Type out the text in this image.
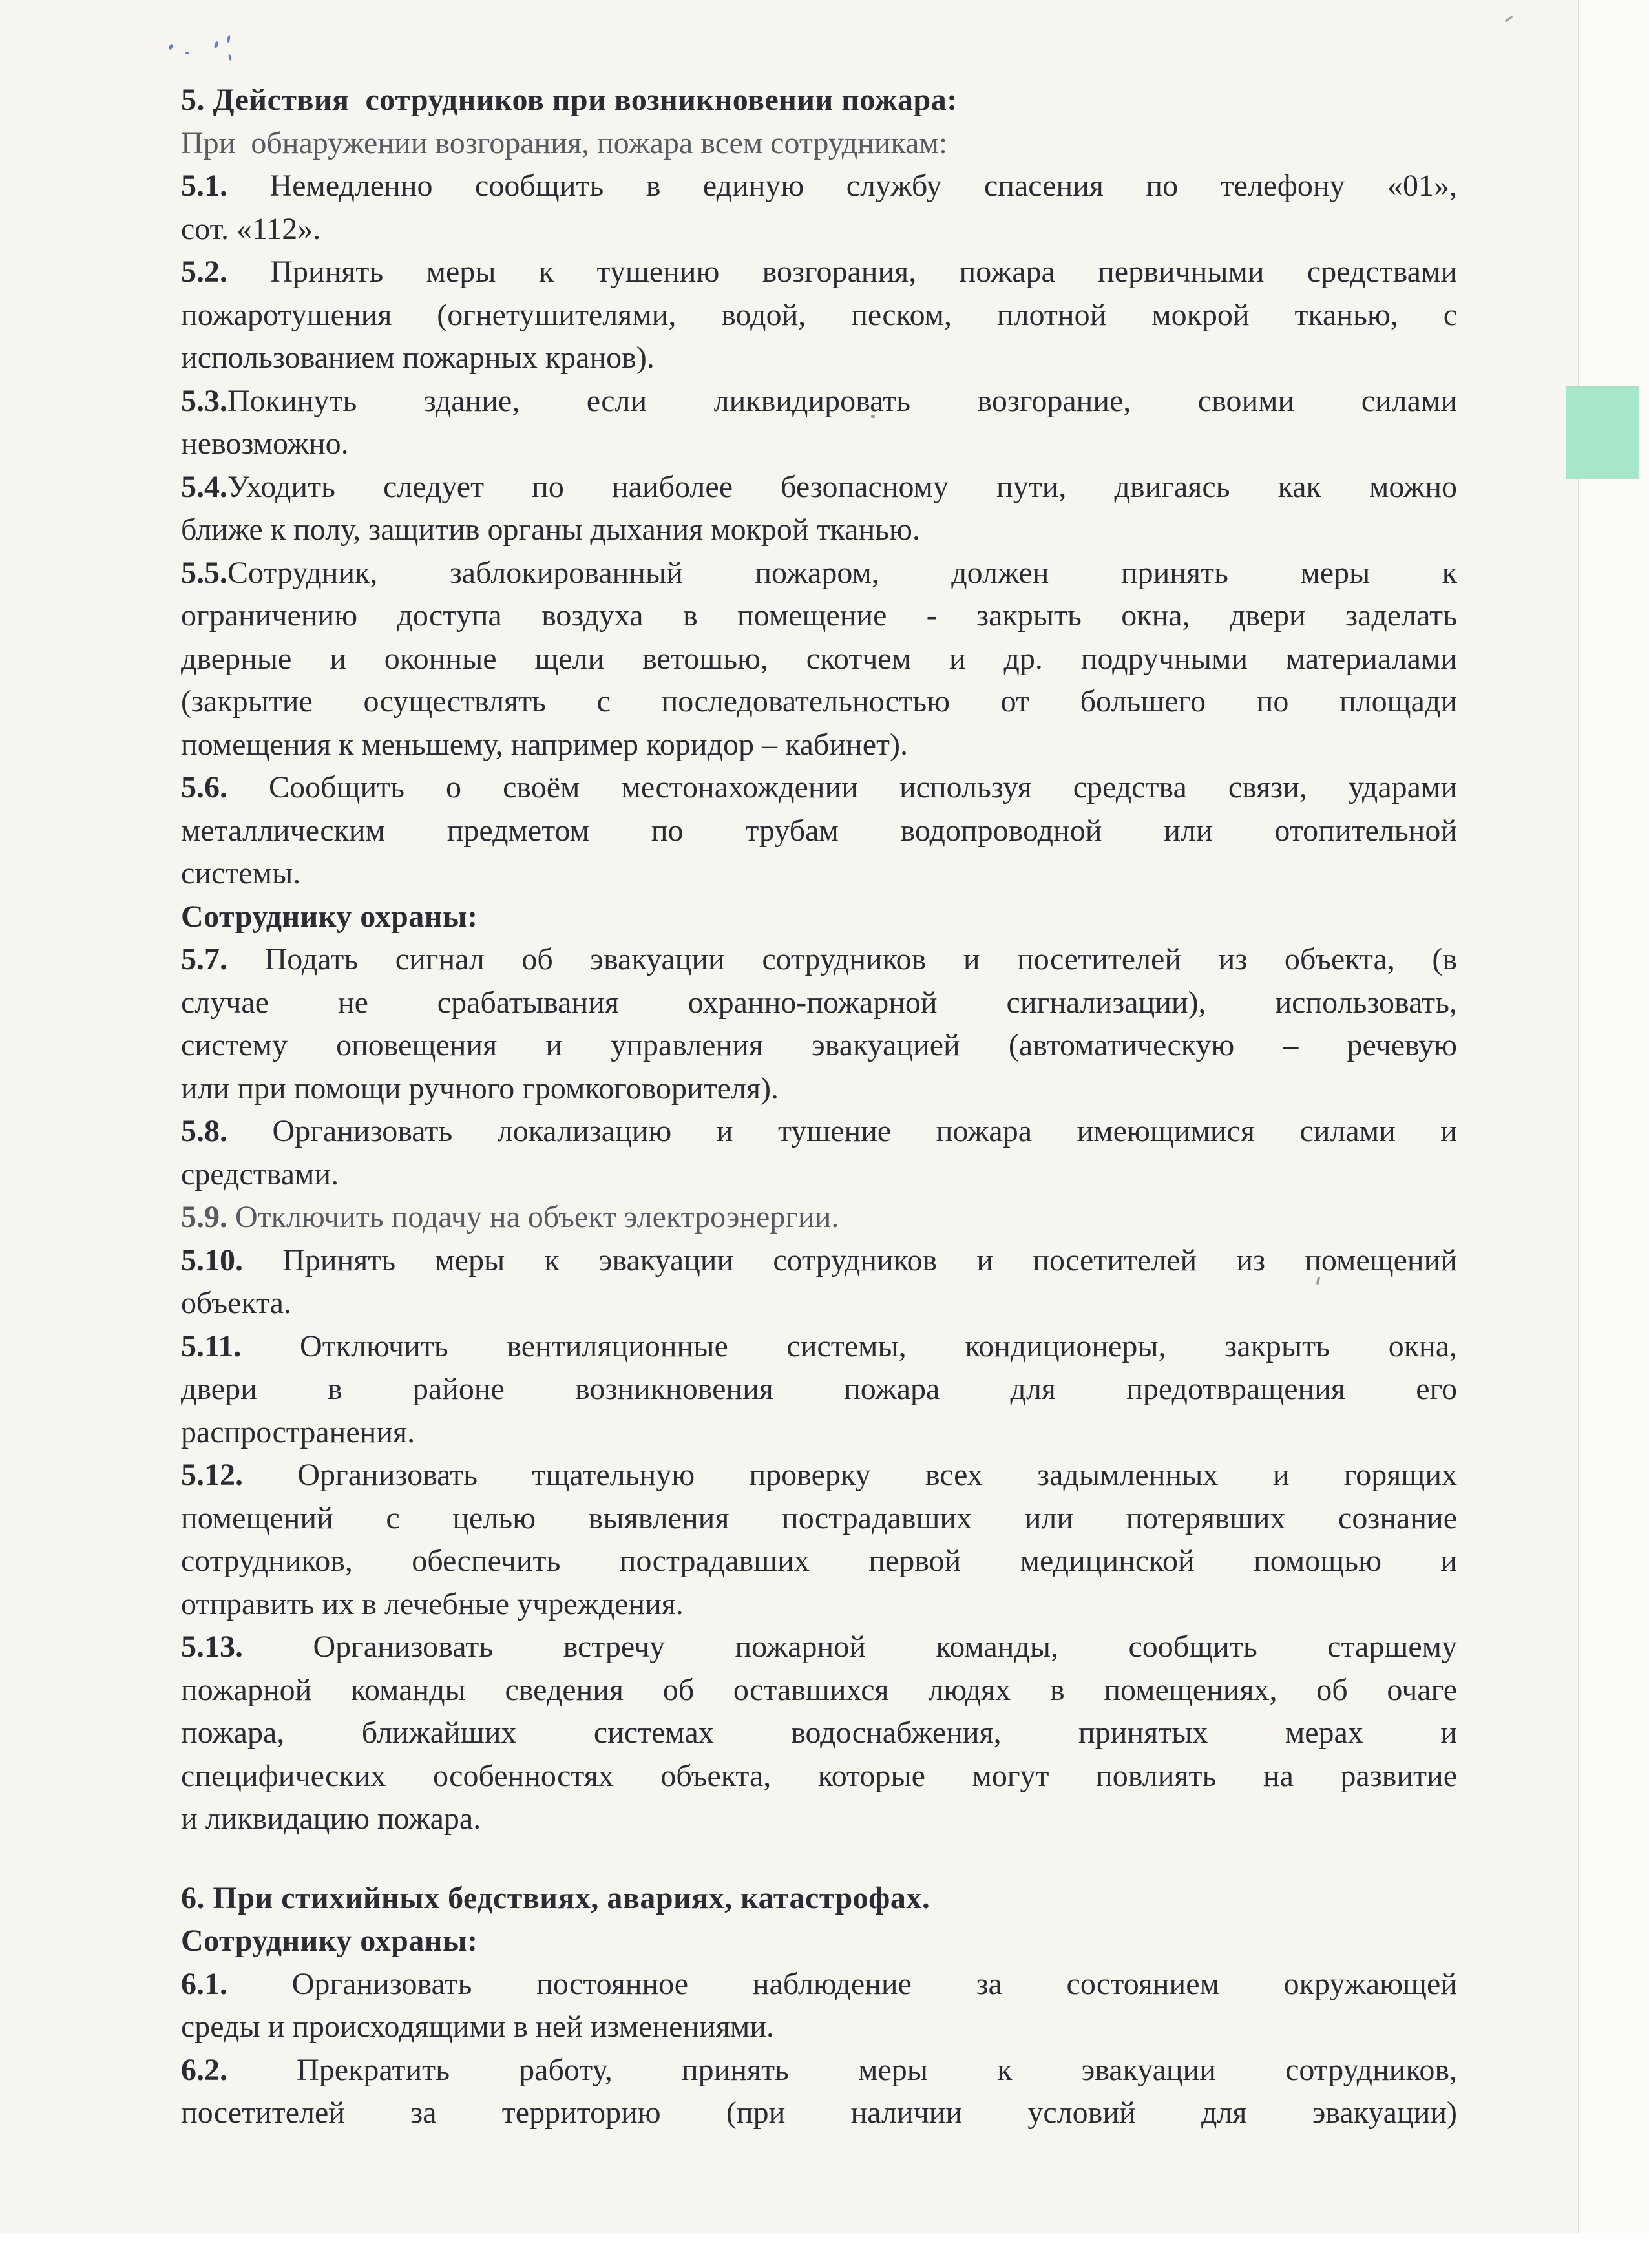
5. Действия  сотрудников при возникновении пожара:
При  обнаружении возгорания, пожара всем сотрудникам:
5.1. Немедленно сообщить в единую службу спасения по телефону «01»,
сот. «112».
5.2. Принять меры к тушению возгорания, пожара первичными средствами
пожаротушения (огнетушителями, водой, песком, плотной мокрой тканью, с
использованием пожарных кранов).
5.3.Покинуть здание, если ликвидировать возгорание, своими силами
невозможно.
5.4.Уходить следует по наиболее безопасному пути, двигаясь как можно
ближе к полу, защитив органы дыхания мокрой тканью.
5.5.Сотрудник, заблокированный пожаром, должен принять меры к
ограничению доступа воздуха в помещение - закрыть окна, двери заделать
дверные и оконные щели ветошью, скотчем и др. подручными материалами
(закрытие осуществлять с последовательностью от большего по площади
помещения к меньшему, например коридор – кабинет).
5.6. Сообщить о своём местонахождении используя средства связи, ударами
металлическим предметом по трубам водопроводной или отопительной
системы.
Сотруднику охраны:
5.7. Подать сигнал об эвакуации сотрудников и посетителей из объекта, (в
случае не срабатывания охранно-пожарной сигнализации), использовать,
систему оповещения и управления эвакуацией (автоматическую – речевую
или при помощи ручного громкоговорителя).
5.8. Организовать локализацию и тушение пожара имеющимися силами и
средствами.
5.9. Отключить подачу на объект электроэнергии.
5.10. Принять меры к эвакуации сотрудников и посетителей из помещений
объекта.
5.11. Отключить вентиляционные системы, кондиционеры, закрыть окна,
двери в районе возникновения пожара для предотвращения его
распространения.
5.12. Организовать тщательную проверку всех задымленных и горящих
помещений с целью выявления пострадавших или потерявших сознание
сотрудников, обеспечить пострадавших первой медицинской помощью и
отправить их в лечебные учреждения.
5.13. Организовать встречу пожарной команды, сообщить старшему
пожарной команды сведения об оставшихся людях в помещениях, об очаге
пожара, ближайших системах водоснабжения, принятых мерах и
специфических особенностях объекта, которые могут повлиять на развитие
и ликвидацию пожара.
6. При стихийных бедствиях, авариях, катастрофах.
Сотруднику охраны:
6.1. Организовать постоянное наблюдение за состоянием окружающей
среды и происходящими в ней изменениями.
6.2. Прекратить работу, принять меры к эвакуации сотрудников,
посетителей за территорию (при наличии условий для эвакуации)
